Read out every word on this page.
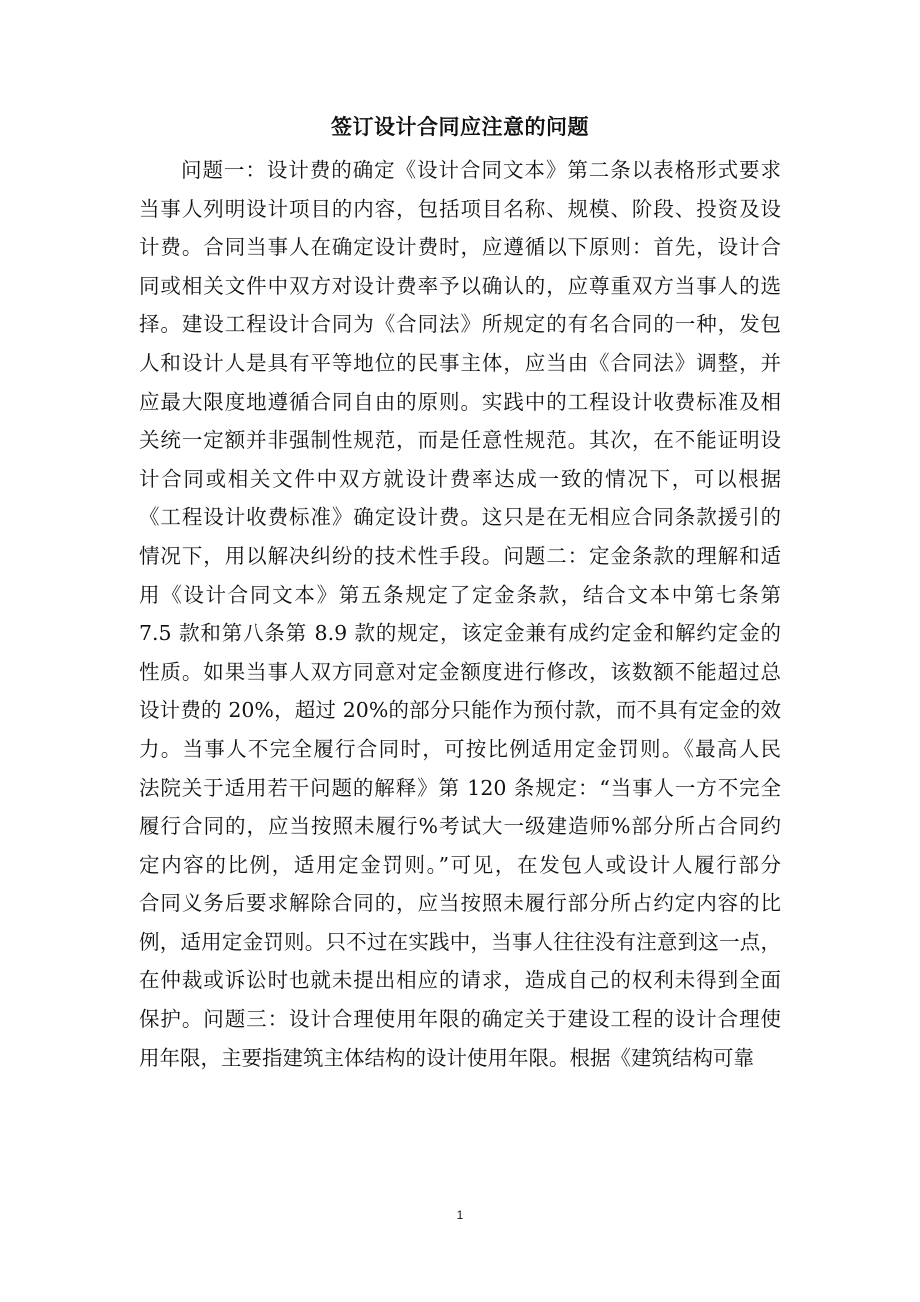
签订设计合同应注意的问题
问题一：设计费的确定《设计合同文本》第二条以表格形式要求
当事人列明设计项目的内容，包括项目名称、规模、阶段、投资及设
计费。合同当事人在确定设计费时，应遵循以下原则：首先，设计合
同或相关文件中双方对设计费率予以确认的，应尊重双方当事人的选
择。建设工程设计合同为《合同法》所规定的有名合同的一种，发包
人和设计人是具有平等地位的民事主体，应当由《合同法》调整，并
应最大限度地遵循合同自由的原则。实践中的工程设计收费标准及相
关统一定额并非强制性规范，而是任意性规范。其次，在不能证明设
计合同或相关文件中双方就设计费率达成一致的情况下，可以根据
《工程设计收费标准》确定设计费。这只是在无相应合同条款援引的
情况下，用以解决纠纷的技术性手段。问题二：定金条款的理解和适
用《设计合同文本》第五条规定了定金条款，结合文本中第七条第
7.5 款和第八条第 8.9 款的规定，该定金兼有成约定金和解约定金的
性质。如果当事人双方同意对定金额度进行修改，该数额不能超过总
设计费的 20%，超过 20%的部分只能作为预付款，而不具有定金的效
力。当事人不完全履行合同时，可按比例适用定金罚则。《最高人民
法院关于适用若干问题的解释》第 120 条规定：“当事人一方不完全
履行合同的，应当按照未履行%考试大一级建造师%部分所占合同约
定内容的比例，适用定金罚则。”可见，在发包人或设计人履行部分
合同义务后要求解除合同的，应当按照未履行部分所占约定内容的比
例，适用定金罚则。只不过在实践中，当事人往往没有注意到这一点，
在仲裁或诉讼时也就未提出相应的请求，造成自己的权利未得到全面
保护。问题三：设计合理使用年限的确定关于建设工程的设计合理使
用年限，主要指建筑主体结构的设计使用年限。根据《建筑结构可靠
1
